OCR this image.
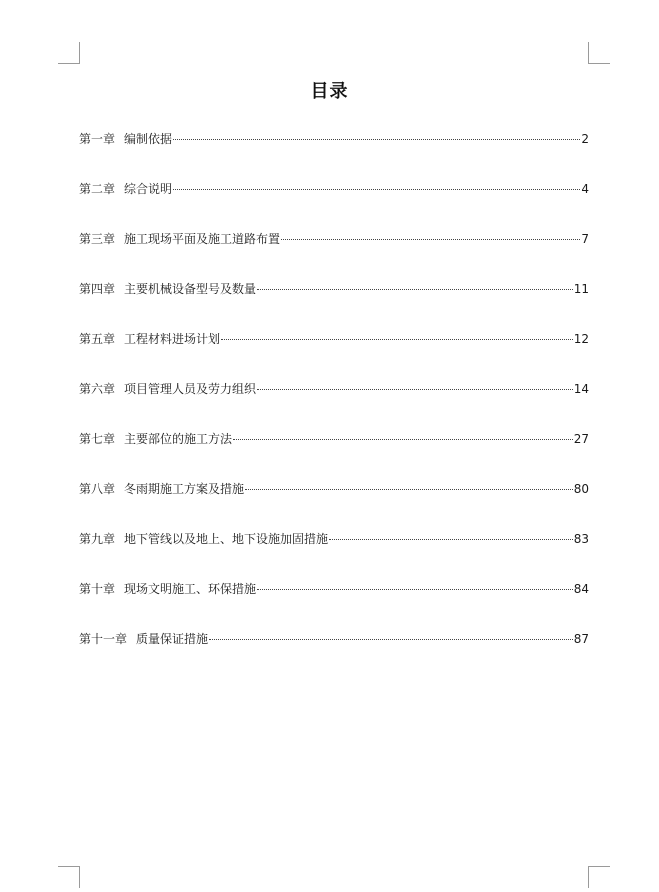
目录
第一章 编制依据	2
第二章 综合说明	4
第三章 施工现场平面及施工道路布置	7
第四章 主要机械设备型号及数量	11
第五章 工程材料进场计划	12
第六章 项目管理人员及劳力组织	14
第七章 主要部位的施工方法	27
第八章 冬雨期施工方案及措施	80
第九章 地下管线以及地上、地下设施加固措施	83
第十章 现场文明施工、环保措施	84
第十一章 质量保证措施	87
